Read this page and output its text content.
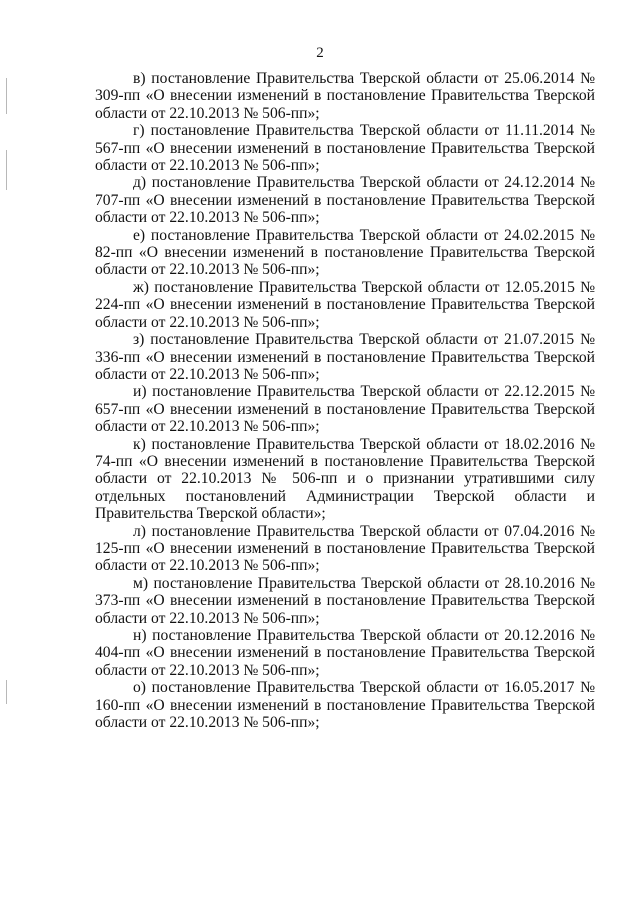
2

в) постановление Правительства Тверской области от 25.06.2014 № 309-пп «О внесении изменений в постановление Правительства Тверской области от 22.10.2013 № 506-пп»;

г) постановление Правительства Тверской области от 11.11.2014 № 567-пп «О внесении изменений в постановление Правительства Тверской области от 22.10.2013 № 506-пп»;

д) постановление Правительства Тверской области от 24.12.2014 № 707-пп «О внесении изменений в постановление Правительства Тверской области от 22.10.2013 № 506-пп»;

е) постановление Правительства Тверской области от 24.02.2015 № 82-пп «О внесении изменений в постановление Правительства Тверской области от 22.10.2013 № 506-пп»;

ж) постановление Правительства Тверской области от 12.05.2015 № 224-пп «О внесении изменений в постановление Правительства Тверской области от 22.10.2013 № 506-пп»;

з) постановление Правительства Тверской области от 21.07.2015 № 336-пп «О внесении изменений в постановление Правительства Тверской области от 22.10.2013 № 506-пп»;

и) постановление Правительства Тверской области от 22.12.2015 № 657-пп «О внесении изменений в постановление Правительства Тверской области от 22.10.2013 № 506-пп»;

к) постановление Правительства Тверской области от 18.02.2016 № 74-пп «О внесении изменений в постановление Правительства Тверской области от 22.10.2013 № 506-пп и о признании утратившими силу отдельных постановлений Администрации Тверской области и Правительства Тверской области»;

л) постановление Правительства Тверской области от 07.04.2016 № 125-пп «О внесении изменений в постановление Правительства Тверской области от 22.10.2013 № 506-пп»;

м) постановление Правительства Тверской области от 28.10.2016 № 373-пп «О внесении изменений в постановление Правительства Тверской области от 22.10.2013 № 506-пп»;

н) постановление Правительства Тверской области от 20.12.2016 № 404-пп «О внесении изменений в постановление Правительства Тверской области от 22.10.2013 № 506-пп»;

о) постановление Правительства Тверской области от 16.05.2017 № 160-пп «О внесении изменений в постановление Правительства Тверской области от 22.10.2013 № 506-пп»;
